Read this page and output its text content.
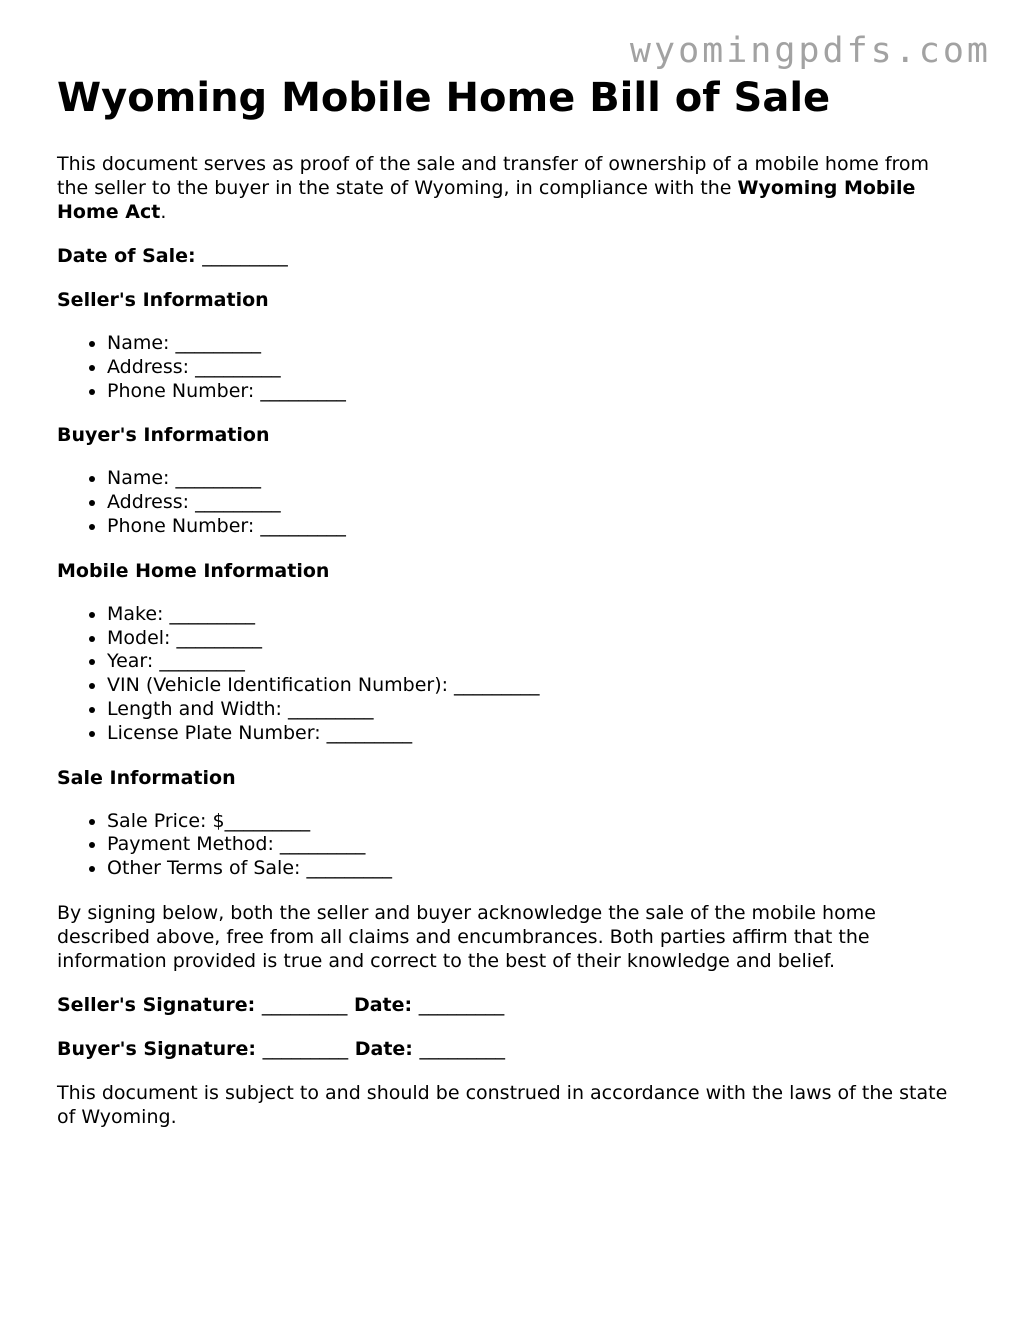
wyomingpdfs.com
Wyoming Mobile Home Bill of Sale

This document serves as proof of the sale and transfer of ownership of a mobile home from the seller to the buyer in the state of Wyoming, in compliance with the Wyoming Mobile Home Act.

Date of Sale: _________

Seller's Information
• Name: _________
• Address: _________
• Phone Number: _________
Buyer's Information
• Name: _________
• Address: _________
• Phone Number: _________
Mobile Home Information
• Make: _________
• Model: _________
• Year: _________
• VIN (Vehicle Identification Number): _________
• Length and Width: _________
• License Plate Number: _________
Sale Information
• Sale Price: $_________
• Payment Method: _________
• Other Terms of Sale: _________

By signing below, both the seller and buyer acknowledge the sale of the mobile home described above, free from all claims and encumbrances. Both parties affirm that the information provided is true and correct to the best of their knowledge and belief.

Seller's Signature: _________ Date: _________

Buyer's Signature: _________ Date: _________

This document is subject to and should be construed in accordance with the laws of the state of Wyoming.
